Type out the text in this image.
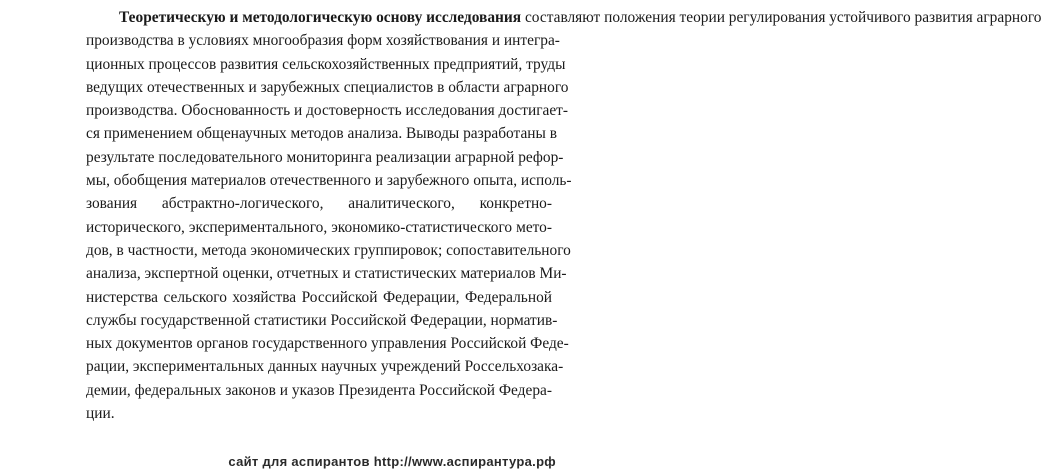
Теоретическую и методологическую основу исследования составляют положения теории регулирования устойчивого развития аграрного
производства в условиях многообразия форм хозяйствования и интегра-
ционных процессов развития сельскохозяйственных предприятий, труды
ведущих отечественных и зарубежных специалистов в области аграрного
производства. Обоснованность и достоверность исследования достигает-
ся применением общенаучных методов анализа. Выводы разработаны в
результате последовательного мониторинга реализации аграрной рефор-
мы, обобщения материалов отечественного и зарубежного опыта, исполь-
зования абстрактно-логического, аналитического, конкретно-
исторического, экспериментального, экономико-статистического мето-
дов, в частности, метода экономических группировок; сопоставительного
анализа, экспертной оценки, отчетных и статистических материалов Ми-
нистерства сельского хозяйства Российской Федерации, Федеральной
службы государственной статистики Российской Федерации, норматив-
ных документов органов государственного управления Российской Феде-
рации, экспериментальных данных научных учреждений Россельхозака-
демии, федеральных законов и указов Президента Российской Федера-
ции.
сайт для аспирантов http://www.аспирантура.рф
